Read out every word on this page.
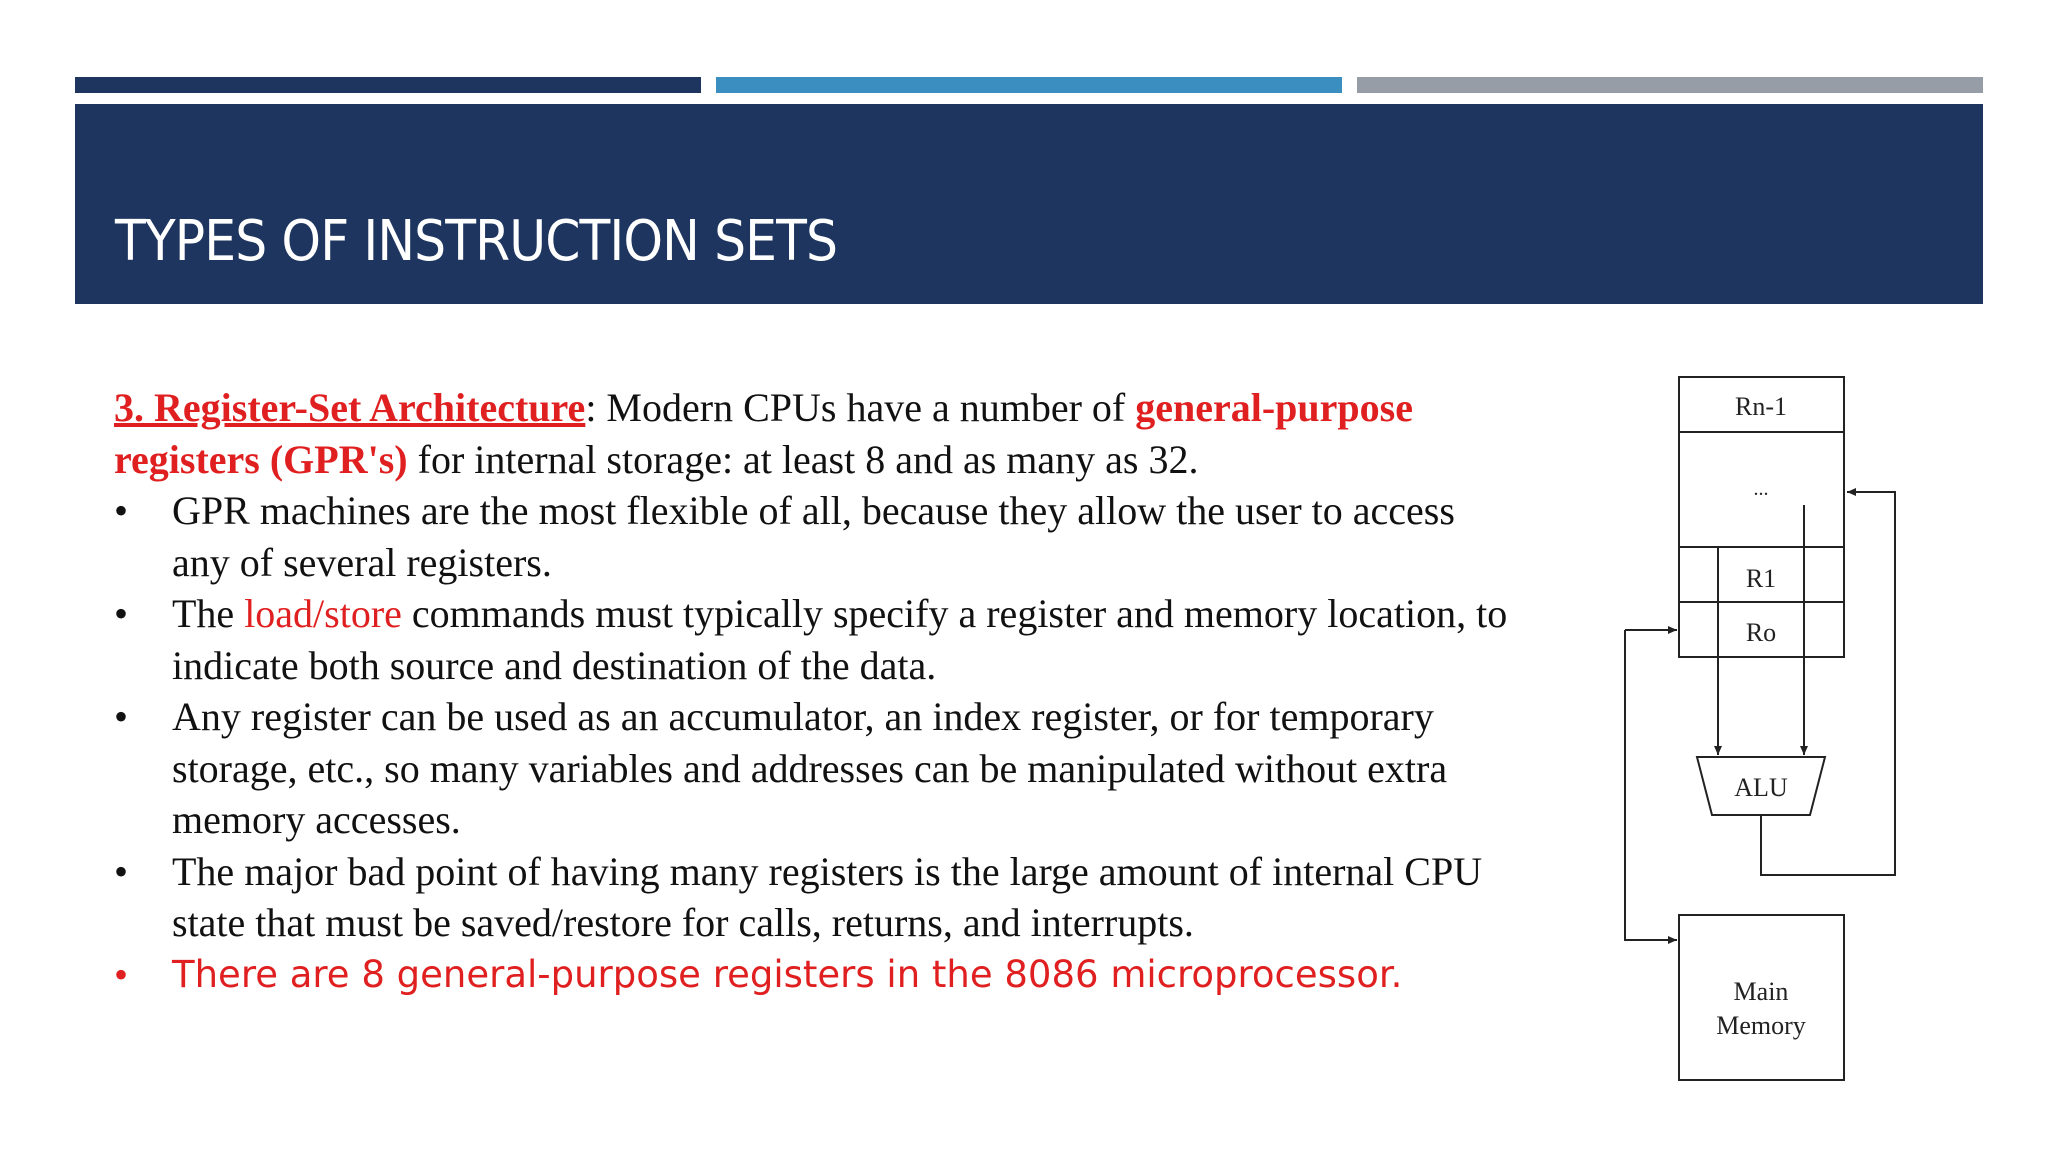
TYPES OF INSTRUCTION SETS

3. Register-Set Architecture: Modern CPUs have a number of general-purpose registers (GPR's) for internal storage: at least 8 and as many as 32.

• GPR machines are the most flexible of all, because they allow the user to access any of several registers.
• The load/store commands must typically specify a register and memory location, to indicate both source and destination of the data.
• Any register can be used as an accumulator, an index register, or for temporary storage, etc., so many variables and addresses can be manipulated without extra memory accesses.
• The major bad point of having many registers is the large amount of internal CPU state that must be saved/restore for calls, returns, and interrupts.
• There are 8 general-purpose registers in the 8086 microprocessor.
Rn-1
...
R1
Ro
ALU
Main
Memory
